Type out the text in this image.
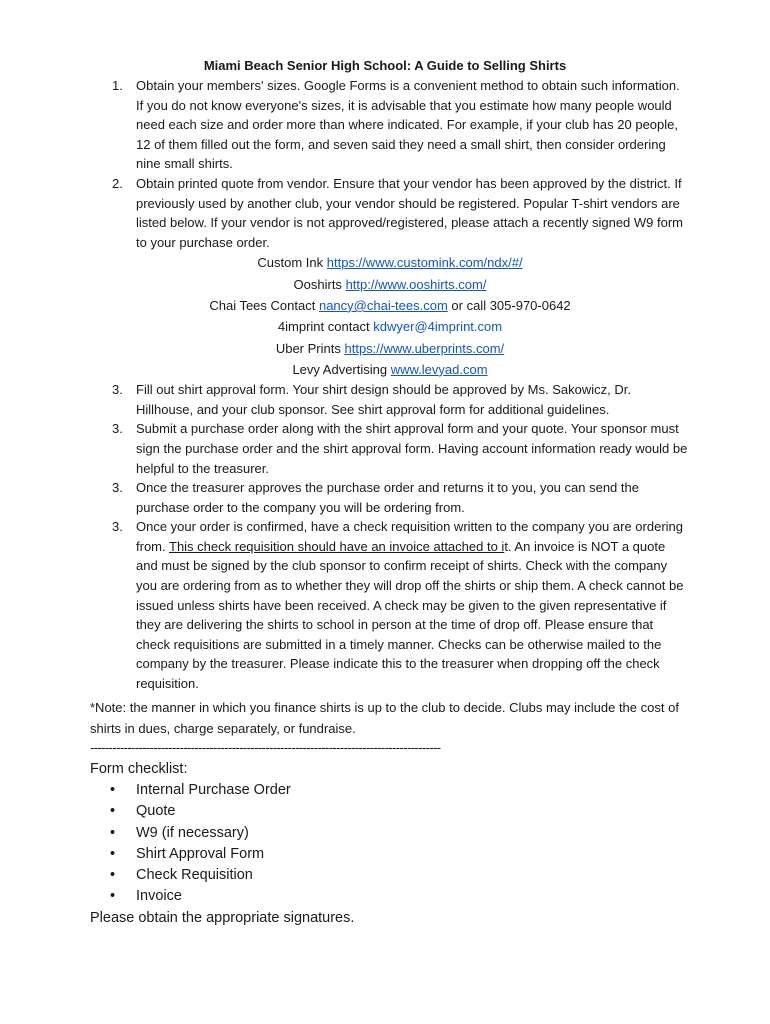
Miami Beach Senior High School: A Guide to Selling Shirts
1. Obtain your members' sizes. Google Forms is a convenient method to obtain such information. If you do not know everyone's sizes, it is advisable that you estimate how many people would need each size and order more than where indicated. For example, if your club has 20 people, 12 of them filled out the form, and seven said they need a small shirt, then consider ordering nine small shirts.
2. Obtain printed quote from vendor. Ensure that your vendor has been approved by the district. If previously used by another club, your vendor should be registered. Popular T-shirt vendors are listed below. If your vendor is not approved/registered, please attach a recently signed W9 form to your purchase order.
Custom Ink https://www.customink.com/ndx/#/
Ooshirts http://www.ooshirts.com/
Chai Tees Contact nancy@chai-tees.com or call 305-970-0642
4imprint contact kdwyer@4imprint.com
Uber Prints https://www.uberprints.com/
Levy Advertising www.levyad.com
3. Fill out shirt approval form. Your shirt design should be approved by Ms. Sakowicz, Dr. Hillhouse, and your club sponsor. See shirt approval form for additional guidelines.
3. Submit a purchase order along with the shirt approval form and your quote. Your sponsor must sign the purchase order and the shirt approval form. Having account information ready would be helpful to the treasurer.
3. Once the treasurer approves the purchase order and returns it to you, you can send the purchase order to the company you will be ordering from.
3. Once your order is confirmed, have a check requisition written to the company you are ordering from. This check requisition should have an invoice attached to it. An invoice is NOT a quote and must be signed by the club sponsor to confirm receipt of shirts. Check with the company you are ordering from as to whether they will drop off the shirts or ship them. A check cannot be issued unless shirts have been received. A check may be given to the given representative if they are delivering the shirts to school in person at the time of drop off. Please ensure that check requisitions are submitted in a timely manner. Checks can be otherwise mailed to the company by the treasurer. Please indicate this to the treasurer when dropping off the check requisition.
*Note: the manner in which you finance shirts is up to the club to decide. Clubs may include the cost of shirts in dues, charge separately, or fundraise.
----------------------------------------------------------------------------------------------
Form checklist:
• Internal Purchase Order
• Quote
• W9 (if necessary)
• Shirt Approval Form
• Check Requisition
• Invoice
Please obtain the appropriate signatures.
